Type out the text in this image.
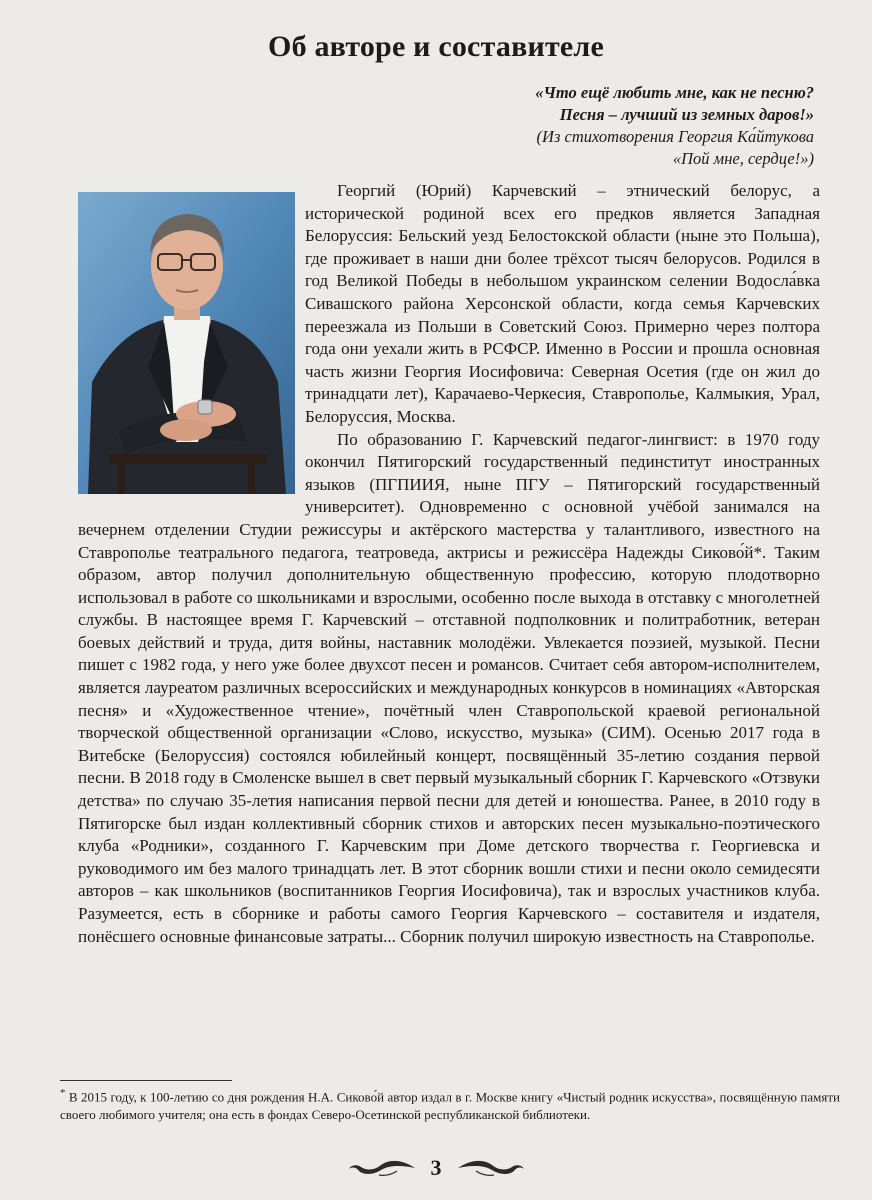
Об авторе и составителе
«Что ещё любить мне, как не песню?
Песня – лучший из земных даров!»
(Из стихотворения Георгия Ка́йтукова
«Пой мне, сердце!»)

Георгий (Юрий) Карчевский – этнический белорус, а исторической родиной всех его предков является Западная Белоруссия: Бельский уезд Белостокской области (ныне это Польша), где проживает в наши дни более трёхсот тысяч белорусов. Родился в год Великой Победы в небольшом украинском селении Водосла́вка Сивашского района Херсонской области, когда семья Карчевских переезжала из Польши в Советский Союз. Примерно через полтора года они уехали жить в РСФСР. Именно в России и прошла основная часть жизни Георгия Иосифовича: Северная Осетия (где он жил до тринадцати лет), Карачаево-Черкесия, Ставрополье, Калмыкия, Урал, Белоруссия, Москва.

По образованию Г. Карчевский педагог-лингвист: в 1970 году окончил Пятигорский государственный пединститут иностранных языков (ПГПИИЯ, ныне ПГУ – Пятигорский государственный университет). Одновременно с основной учёбой занимался на вечернем отделении Студии режиссуры и актёрского мастерства у талантливого, известного на Ставрополье театрального педагога, театроведа, актрисы и режиссёра Надежды Сиково́й*. Таким образом, автор получил дополнительную общественную профессию, которую плодотворно использовал в работе со школьниками и взрослыми, особенно после выхода в отставку с многолетней службы. В настоящее время Г. Карчевский – отставной подполковник и политработник, ветеран боевых действий и труда, дитя войны, наставник молодёжи. Увлекается поэзией, музыкой. Песни пишет с 1982 года, у него уже более двухсот песен и романсов. Считает себя автором-исполнителем, является лауреатом различных всероссийских и международных конкурсов в номинациях «Авторская песня» и «Художественное чтение», почётный член Ставропольской краевой региональной творческой общественной организации «Слово, искусство, музыка» (СИМ). Осенью 2017 года в Витебске (Белоруссия) состоялся юбилейный концерт, посвящённый 35-летию создания первой песни. В 2018 году в Смоленске вышел в свет первый музыкальный сборник Г. Карчевского «Отзвуки детства» по случаю 35-летия написания первой песни для детей и юношества. Ранее, в 2010 году в Пятигорске был издан коллективный сборник стихов и авторских песен музыкально-поэтического клуба «Родники», созданного Г. Карчевским при Доме детского творчества г. Георгиевска и руководимого им без малого тринадцать лет. В этот сборник вошли стихи и песни около семидесяти авторов – как школьников (воспитанников Георгия Иосифовича), так и взрослых участников клуба. Разумеется, есть в сборнике и работы самого Георгия Карчевского – составителя и издателя, понёсшего основные финансовые затраты... Сборник получил широкую известность на Ставрополье.

* В 2015 году, к 100-летию со дня рождения Н.А. Сиково́й автор издал в г. Москве книгу «Чистый родник искусства», посвящённую памяти своего любимого учителя; она есть в фондах Северо-Осетинской республиканской библиотеки.
3
